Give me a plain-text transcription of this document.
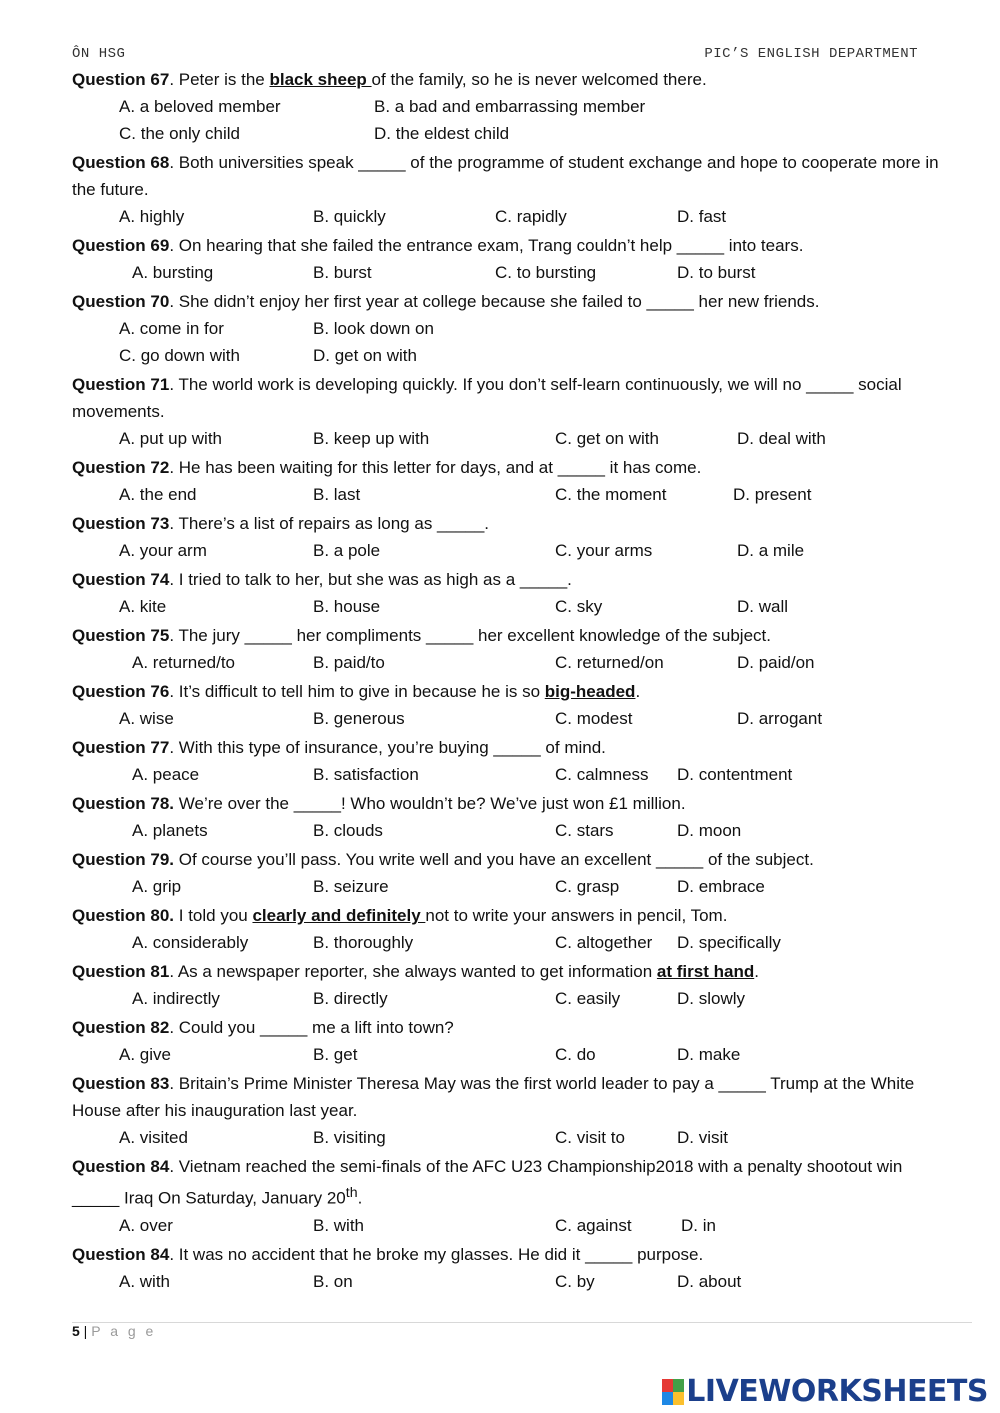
ÔN HSG	PIC’S ENGLISH DEPARTMENT
Question 67. Peter is the black sheep of the family, so he is never welcomed there.
A. a beloved member	B. a bad and embarrassing member
C. the only child	D. the eldest child
Question 68. Both universities speak _____ of the programme of student exchange and hope to cooperate more in the future.
A. highly	B. quickly	C. rapidly	D. fast
Question 69. On hearing that she failed the entrance exam, Trang couldn’t help _____ into tears.
A. bursting	B. burst	C. to bursting	D. to burst
Question 70. She didn’t enjoy her first year at college because she failed to _____ her new friends.
A. come in for	B. look down on
C. go down with	D. get on with
Question 71. The world work is developing quickly. If you don’t self-learn continuously, we will no _____ social movements.
A. put up with	B. keep up with	C. get on with	D. deal with
Question 72. He has been waiting for this letter for days, and at _____ it has come.
A. the end	B. last	C. the moment	D. present
Question 73. There’s a list of repairs as long as _____.
A. your arm	B. a pole	C. your arms	D. a mile
Question 74. I tried to talk to her, but she was as high as a _____.
A. kite	B. house	C. sky	D. wall
Question 75. The jury _____ her compliments _____ her excellent knowledge of the subject.
A. returned/to	B. paid/to	C. returned/on	D. paid/on
Question 76. It’s difficult to tell him to give in because he is so big-headed.
A. wise	B. generous	C. modest	D. arrogant
Question 77. With this type of insurance, you’re buying _____ of mind.
A. peace	B. satisfaction	C. calmness	D. contentment
Question 78. We’re over the _____! Who wouldn’t be? We’ve just won £1 million.
A. planets	B. clouds	C. stars	D. moon
Question 79. Of course you’ll pass. You write well and you have an excellent _____ of the subject.
A. grip	B. seizure	C. grasp	D. embrace
Question 80. I told you clearly and definitely not to write your answers in pencil, Tom.
A. considerably	B. thoroughly	C. altogether	D. specifically
Question 81. As a newspaper reporter, she always wanted to get information at first hand.
A. indirectly	B. directly	C. easily	D. slowly
Question 82. Could you _____ me a lift into town?
A. give	B. get	C. do	D. make
Question 83. Britain’s Prime Minister Theresa May was the first world leader to pay a _____ Trump at the White House after his inauguration last year.
A. visited	B. visiting	C. visit to	D. visit
Question 84. Vietnam reached the semi-finals of the AFC U23 Championship2018 with a penalty shootout win _____ Iraq On Saturday, January 20th.
A. over	B. with	C. against	D. in
Question 84. It was no accident that he broke my glasses. He did it _____ purpose.
A. with	B. on	C. by	D. about
5 | P a g e
LIVEWORKSHEETS
